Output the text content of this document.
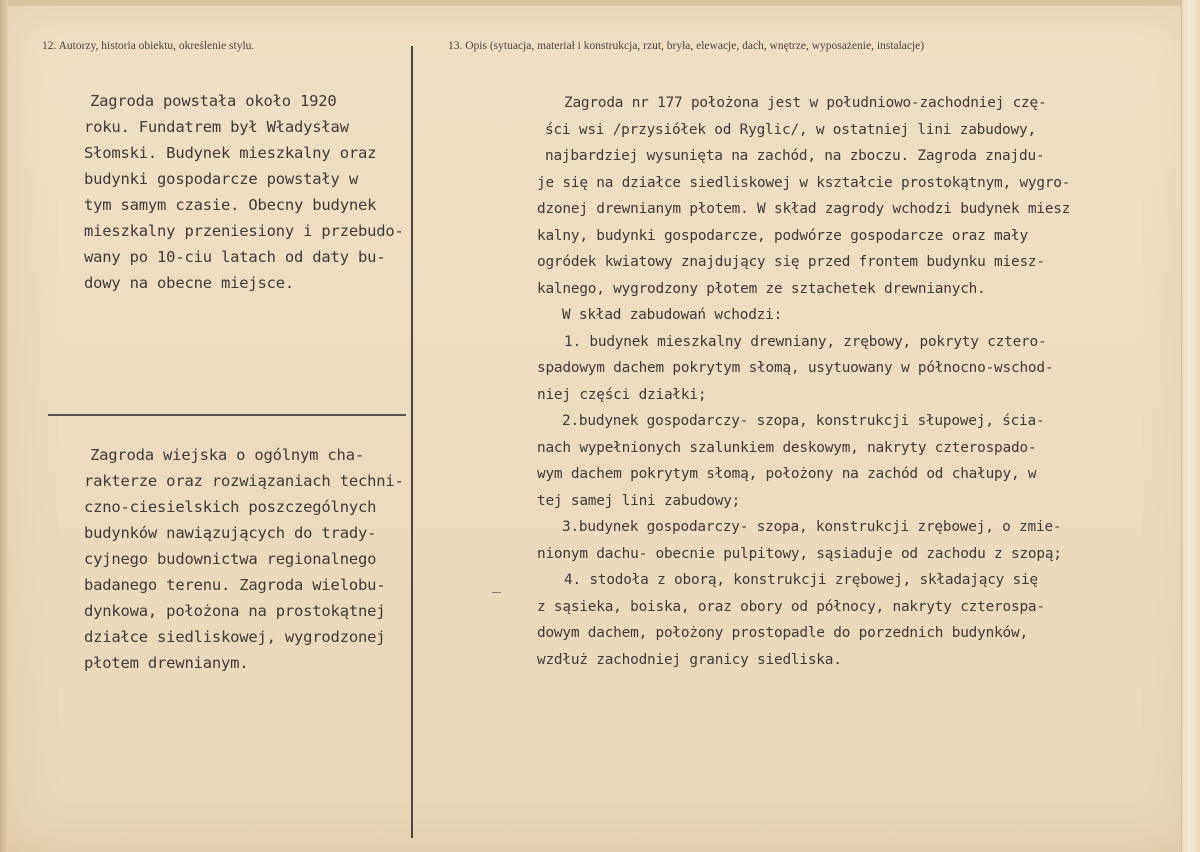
12. Autorzy, historia obiektu, określenie stylu.	13. Opis (sytuacja, materiał i konstrukcja, rzut, bryła, elewacje, dach, wnętrze, wyposażenie, instalacje)
Zagroda powstała około 1920
roku. Fundatrem był Władysław
Słomski. Budynek mieszkalny oraz
budynki gospodarcze powstały w
tym samym czasie. Obecny budynek
mieszkalny przeniesiony i przebudo-
wany po 10-ciu latach od daty bu-
dowy na obecne miejsce.
Zagroda wiejska o ogólnym cha-
rakterze oraz rozwiązaniach techni-
czno-ciesielskich poszczególnych
budynków nawiązujących do trady-
cyjnego budownictwa regionalnego
badanego terenu. Zagroda wielobu-
dynkowa, położona na prostokątnej
działce siedliskowej, wygrodzonej
płotem drewnianym.
Zagroda nr 177 położona jest w południowo-zachodniej czę-
ści wsi /przysiółek od Ryglic/, w ostatniej lini zabudowy,
najbardziej wysunięta na zachód, na zboczu. Zagroda znajdu-
je się na działce siedliskowej w kształcie prostokątnym, wygro-
dzonej drewnianym płotem. W skład zagrody wchodzi budynek miesz
kalny, budynki gospodarcze, podwórze gospodarcze oraz mały
ogródek kwiatowy znajdujący się przed frontem budynku miesz-
kalnego, wygrodzony płotem ze sztachetek drewnianych.
W skład zabudowań wchodzi:
1. budynek mieszkalny drewniany, zrębowy, pokryty cztero-
spadowym dachem pokrytym słomą, usytuowany w północno-wschod-
niej części działki;
2.budynek gospodarczy- szopa, konstrukcji słupowej, ścia-
nach wypełnionych szalunkiem deskowym, nakryty czterospado-
wym dachem pokrytym słomą, położony na zachód od chałupy, w
tej samej lini zabudowy;
3.budynek gospodarczy- szopa, konstrukcji zrębowej, o zmie-
nionym dachu- obecnie pulpitowy, sąsiaduje od zachodu z szopą;
4. stodoła z oborą, konstrukcji zrębowej, składający się
z sąsieka, boiska, oraz obory od północy, nakryty czterospa-
dowym dachem, położony prostopadle do porzednich budynków,
wzdłuż zachodniej granicy siedliska.
